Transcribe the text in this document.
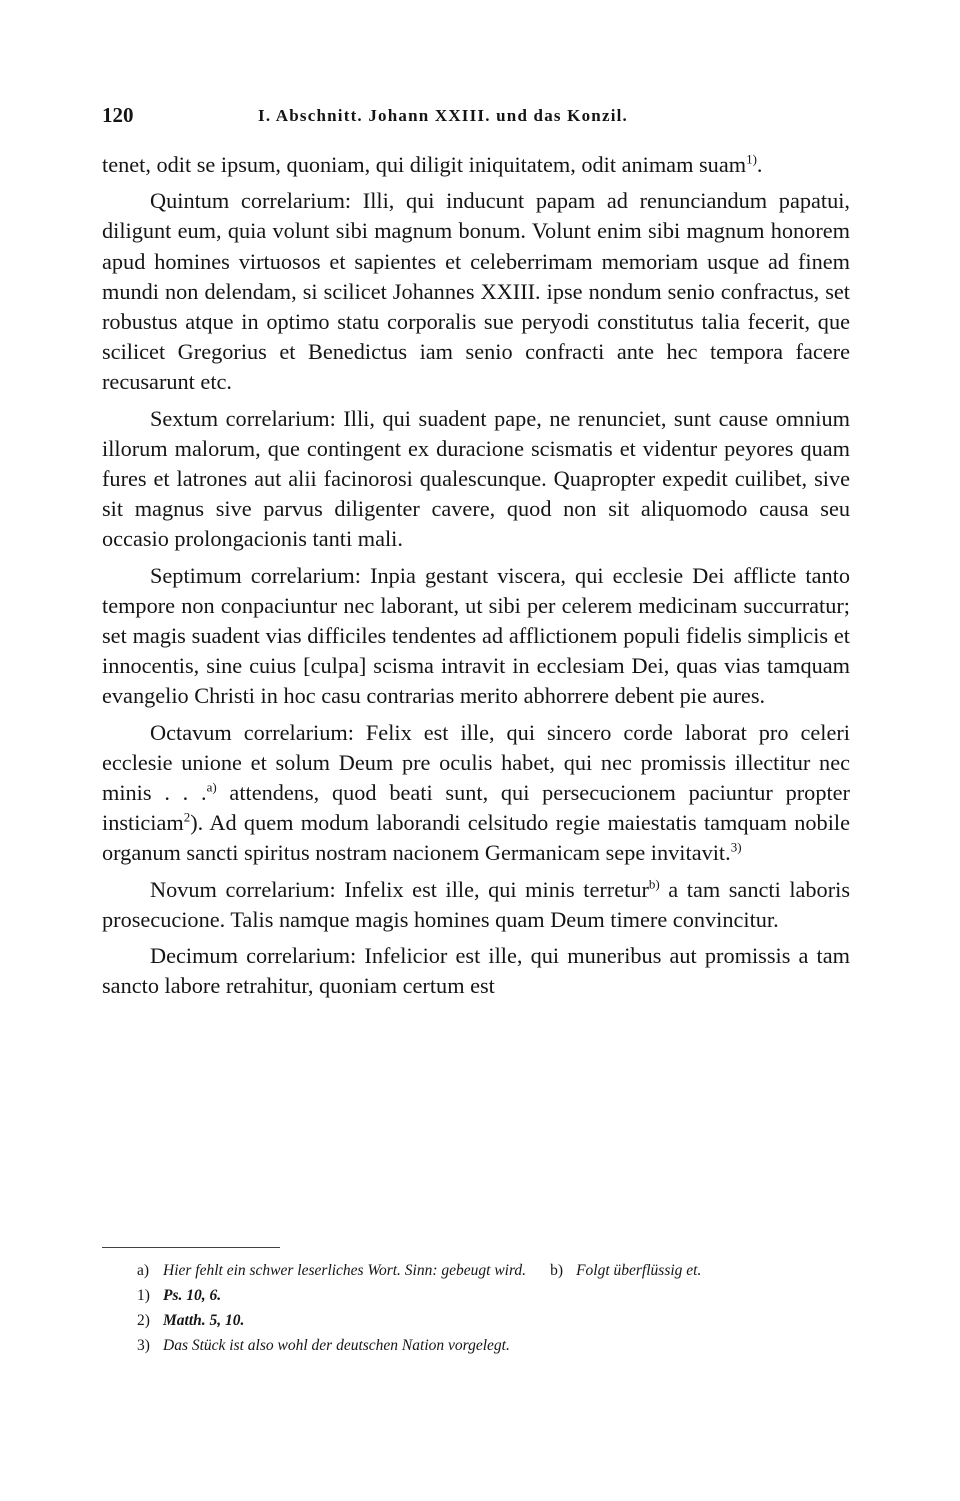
120	I. Abschnitt. Johann XXIII. und das Konzil.

tenet, odit se ipsum, quoniam, qui diligit iniquitatem, odit animam suam$^{1)}$.

Quintum correlarium: Illi, qui inducunt papam ad renunciandum papatui, diligunt eum, quia volunt sibi magnum bonum. Volunt enim sibi magnum honorem apud homines virtuosos et sapientes et celeberrimam memoriam usque ad finem mundi non delendam, si scilicet Johannes XXIII. ipse nondum senio confractus, set robustus atque in optimo statu corporalis sue peryodi constitutus talia fecerit, que scilicet Gregorius et Benedictus iam senio confracti ante hec tempora facere recusarunt etc.

Sextum correlarium: Illi, qui suadent pape, ne renunciet, sunt cause omnium illorum malorum, que contingent ex duracione scismatis et videntur peyores quam fures et latrones aut alii facinorosi qualescunque. Quapropter expedit cuilibet, sive sit magnus sive parvus diligenter cavere, quod non sit aliquomodo causa seu occasio prolongacionis tanti mali.

Septimum correlarium: Inpia gestant viscera, qui ecclesie Dei afflicte tanto tempore non conpaciuntur nec laborant, ut sibi per celerem medicinam succurratur; set magis suadent vias difficiles tendentes ad afflictionem populi fidelis simplicis et innocentis, sine cuius [culpa] scisma intravit in ecclesiam Dei, quas vias tamquam evangelio Christi in hoc casu contrarias merito abhorrere debent pie aures.

Octavum correlarium: Felix est ille, qui sincero corde laborat pro celeri ecclesie unione et solum Deum pre oculis habet, qui nec promissis illectitur nec minis . . .$^{a)}$ attendens, quod beati sunt, qui persecucionem paciuntur propter insticiam$^2$). Ad quem modum laborandi celsitudo regie maiestatis tamquam nobile organum sancti spiritus nostram nacionem Germanicam sepe invitavit.$^{3)}$

Novum correlarium: Infelix est ille, qui minis terretur$^{b)}$ a tam sancti laboris prosecucione. Talis namque magis homines quam Deum timere convincitur.

Decimum correlarium: Infelicior est ille, qui muneribus aut promissis a tam sancto labore retrahitur, quoniam certum est

a) Hier fehlt ein schwer leserliches Wort. Sinn: gebeugt wird. b) Folgt überflüssig et.
1) Ps. 10, 6.
2) Matth. 5, 10.
3) Das Stück ist also wohl der deutschen Nation vorgelegt.
